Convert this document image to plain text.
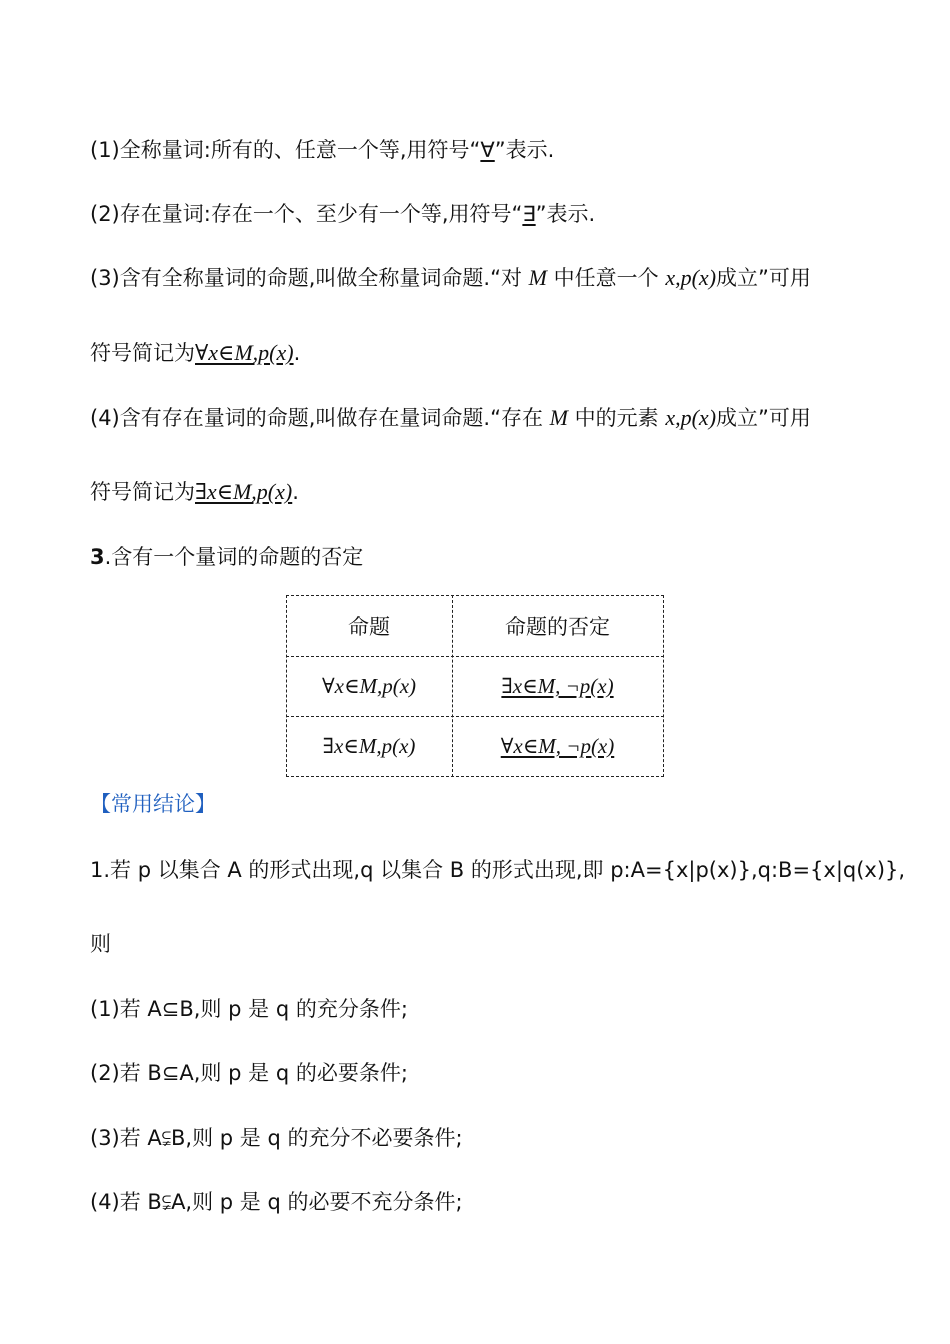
(1)全称量词:所有的、任意一个等,用符号“∀”表示.
(2)存在量词:存在一个、至少有一个等,用符号“∃”表示.
(3)含有全称量词的命题,叫做全称量词命题.“对 M 中任意一个 x,p(x)成立”可用
符号简记为∀x∈M,p(x).
(4)含有存在量词的命题,叫做存在量词命题.“存在 M 中的元素 x,p(x)成立”可用
符号简记为∃x∈M,p(x).
3.含有一个量词的命题的否定
命题	命题的否定
∀x∈M,p(x)	∃x∈M, ¬p(x)
∃x∈M,p(x)	∀x∈M, ¬p(x)
【常用结论】
1.若 p 以集合 A 的形式出现,q 以集合 B 的形式出现,即 p:A={x|p(x)},q:B={x|q(x)},
则
(1)若 A⊆B,则 p 是 q 的充分条件;
(2)若 B⊆A,则 p 是 q 的必要条件;
(3)若 A⫋B,则 p 是 q 的充分不必要条件;
(4)若 B⫋A,则 p 是 q 的必要不充分条件;
